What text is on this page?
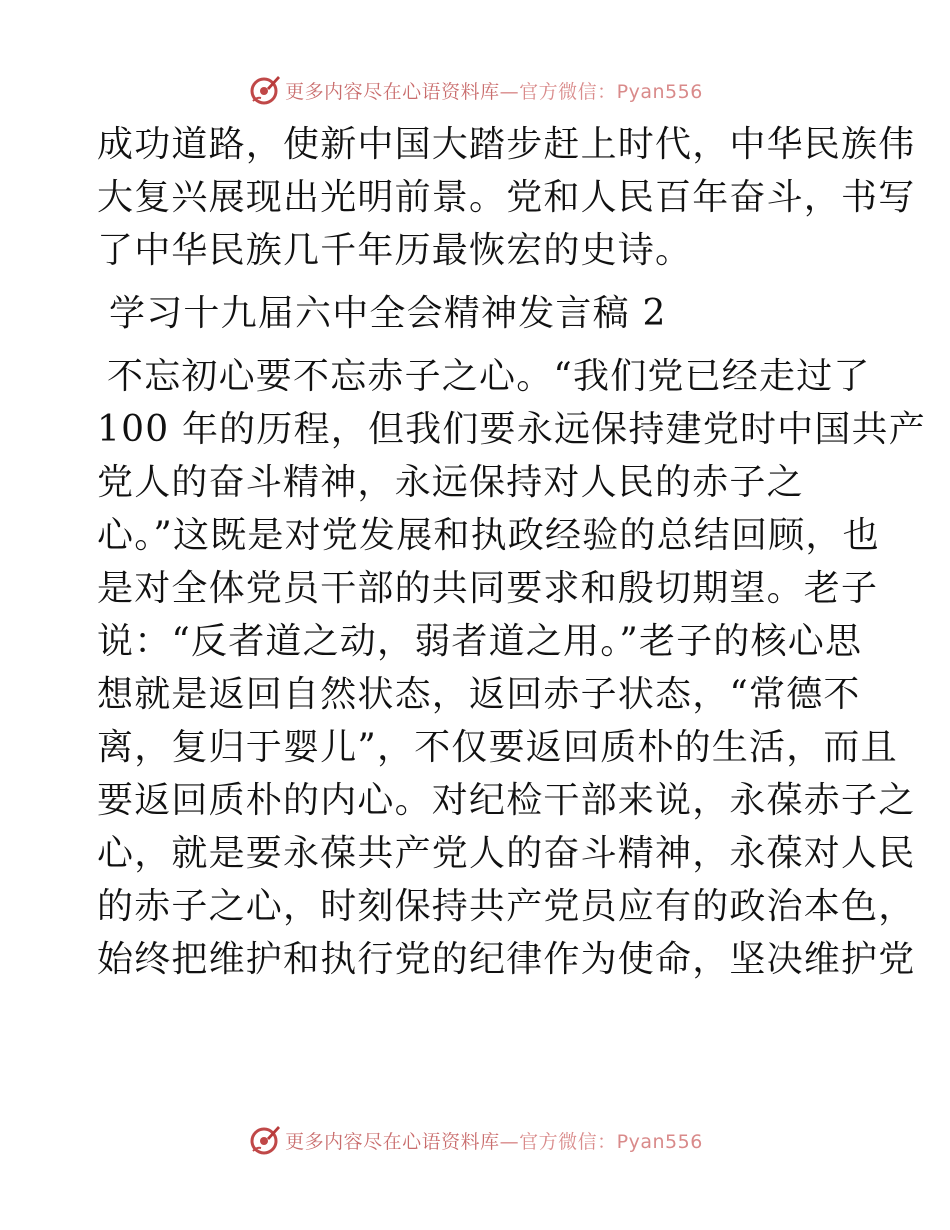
更多内容尽在心语资料库—官方微信：Pyan556

成功道路，使新中国大踏步赶上时代，中华民族伟
大复兴展现出光明前景。党和人民百年奋斗，书写
了中华民族几千年历最恢宏的史诗。

学习十九届六中全会精神发言稿 2

不忘初心要不忘赤子之心。“我们党已经走过了
100 年的历程，但我们要永远保持建党时中国共产
党人的奋斗精神，永远保持对人民的赤子之
心。”这既是对党发展和执政经验的总结回顾，也
是对全体党员干部的共同要求和殷切期望。老子
说：“反者道之动，弱者道之用。”老子的核心思
想就是返回自然状态，返回赤子状态，“常德不
离，复归于婴儿”，不仅要返回质朴的生活，而且
要返回质朴的内心。对纪检干部来说，永葆赤子之
心，就是要永葆共产党人的奋斗精神，永葆对人民
的赤子之心，时刻保持共产党员应有的政治本色，
始终把维护和执行党的纪律作为使命，坚决维护党

更多内容尽在心语资料库—官方微信：Pyan556
